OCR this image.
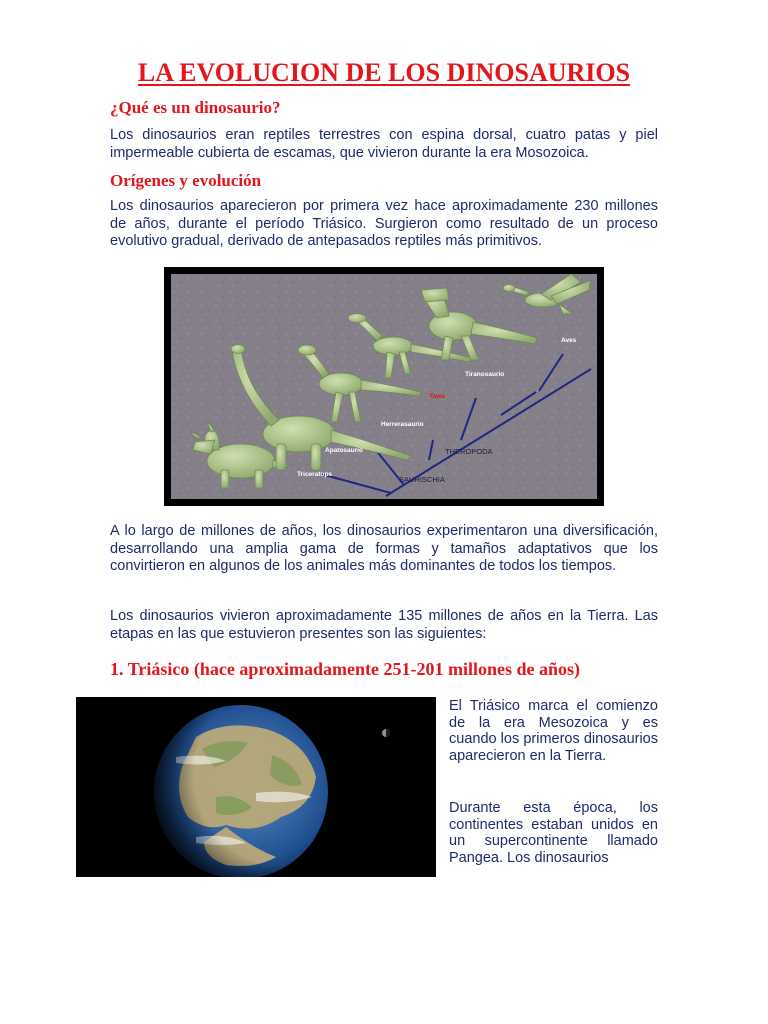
LA EVOLUCION DE LOS DINOSAURIOS
¿Qué es un dinosaurio?

Los dinosaurios eran reptiles terrestres con espina dorsal, cuatro patas y piel impermeable cubierta de escamas, que vivieron durante la era Mosozoica.

Orígenes y evolución

Los dinosaurios aparecieron por primera vez hace aproximadamente 230 millones de años, durante el período Triásico. Surgieron como resultado de un proceso evolutivo gradual, derivado de antepasados reptiles más primitivos.

Aves
Tiranosaurio
Tawa
Herrerasaurio
Apatosaurio
Triceratops
THEROPODA
SAURISCHIA

A lo largo de millones de años, los dinosaurios experimentaron una diversificación, desarrollando una amplia gama de formas y tamaños adaptativos que los convirtieron en algunos de los animales más dominantes de todos los tiempos.

Los dinosaurios vivieron aproximadamente 135 millones de años en la Tierra. Las etapas en las que estuvieron presentes son las siguientes:

1. Triásico (hace aproximadamente 251-201 millones de años)

El Triásico marca el comienzo de la era Mesozoica y es cuando los primeros dinosaurios aparecieron en la Tierra.

Durante esta época, los continentes estaban unidos en un supercontinente llamado Pangea. Los dinosaurios
